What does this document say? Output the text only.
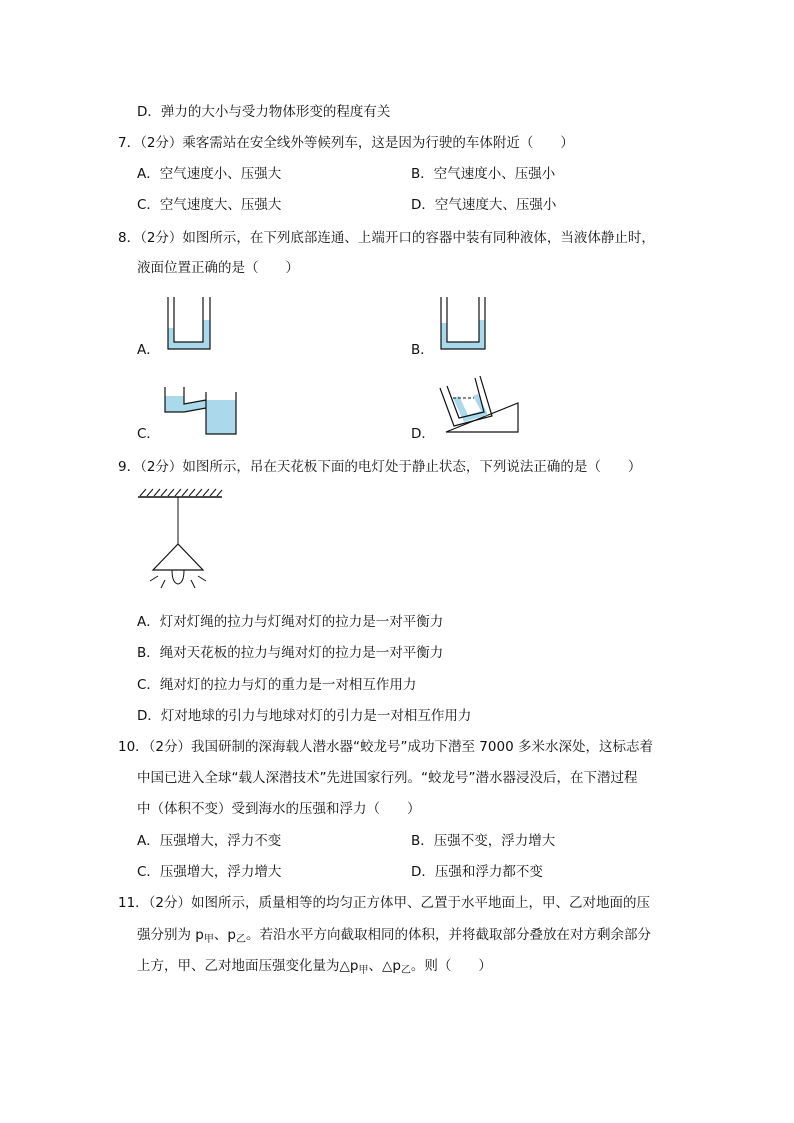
D．弹力的大小与受力物体形变的程度有关
7．（2分）乘客需站在安全线外等候列车，这是因为行驶的车体附近（　　）
A．空气速度小、压强大	B．空气速度小、压强小
C．空气速度大、压强大	D．空气速度大、压强小
8．（2分）如图所示，在下列底部连通、上端开口的容器中装有同种液体，当液体静止时，
液面位置正确的是（　　）
A．	B．
C．	D．
9．（2分）如图所示，吊在天花板下面的电灯处于静止状态，下列说法正确的是（　　）
A．灯对灯绳的拉力与灯绳对灯的拉力是一对平衡力
B．绳对天花板的拉力与绳对灯的拉力是一对平衡力
C．绳对灯的拉力与灯的重力是一对相互作用力
D．灯对地球的引力与地球对灯的引力是一对相互作用力
10．（2分）我国研制的深海载人潜水器“蛟龙号”成功下潜至 7000 多米水深处，这标志着
中国已进入全球“载人深潜技术”先进国家行列。“蛟龙号”潜水器浸没后，在下潜过程
中（体积不变）受到海水的压强和浮力（　　）
A．压强增大，浮力不变	B．压强不变，浮力增大
C．压强增大，浮力增大	D．压强和浮力都不变
11．（2分）如图所示，质量相等的均匀正方体甲、乙置于水平地面上，甲、乙对地面的压
强分别为 $p_甲$、$p_乙$。若沿水平方向截取相同的体积，并将截取部分叠放在对方剩余部分
上方，甲、乙对地面压强变化量为$\triangle p_甲$、$\triangle p_乙$。则（　　）
